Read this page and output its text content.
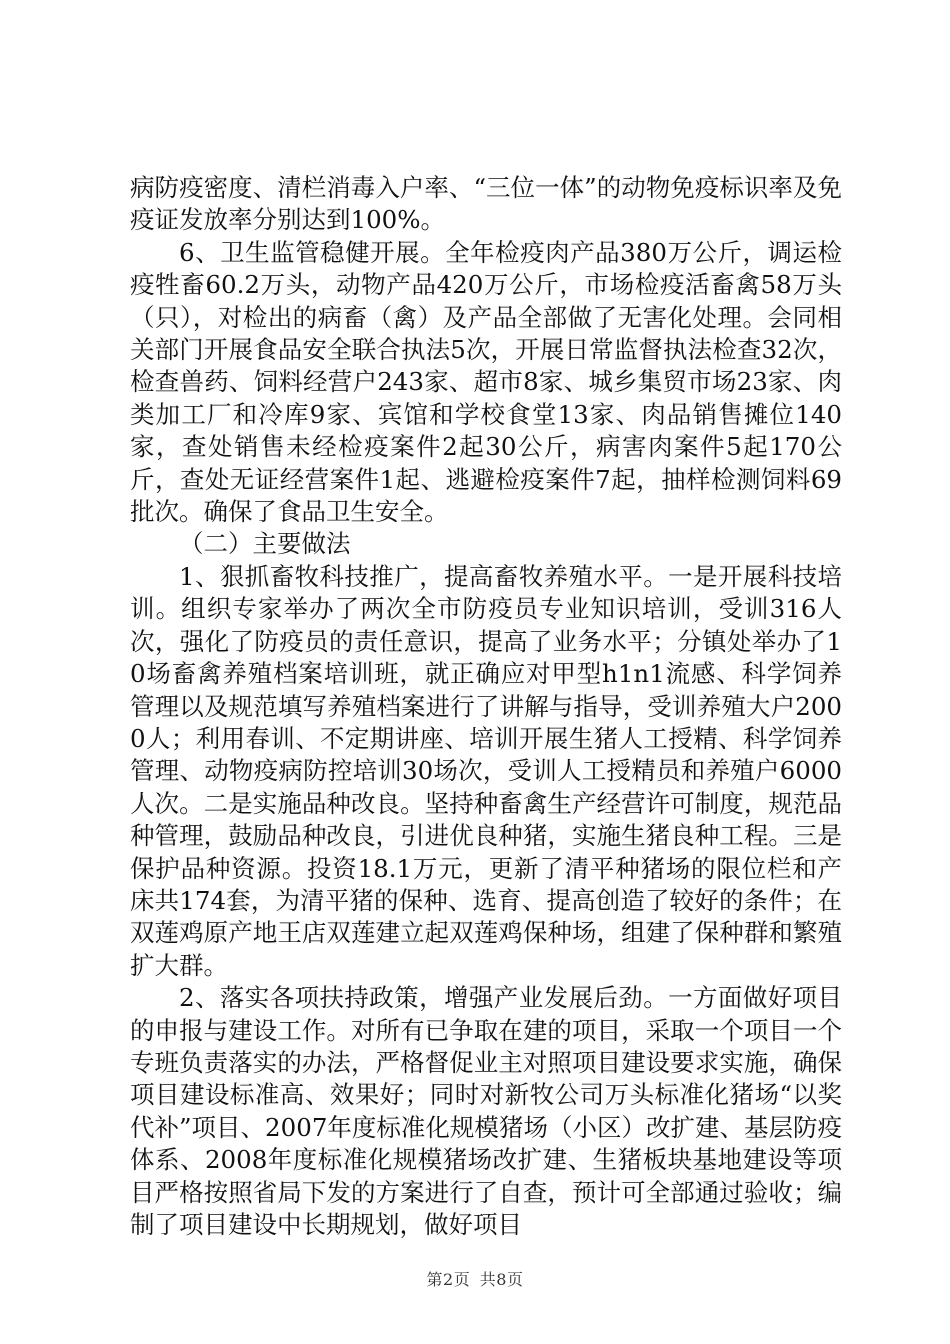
病防疫密度、清栏消毒入户率、“三位一体”的动物免疫标识率及免疫证发放率分别达到100%。

6、卫生监管稳健开展。全年检疫肉产品380万公斤，调运检疫牲畜60.2万头，动物产品420万公斤，市场检疫活畜禽58万头（只），对检出的病畜（禽）及产品全部做了无害化处理。会同相关部门开展食品安全联合执法5次，开展日常监督执法检查32次，检查兽药、饲料经营户243家、超市8家、城乡集贸市场23家、肉类加工厂和冷库9家、宾馆和学校食堂13家、肉品销售摊位140家，查处销售未经检疫案件2起30公斤，病害肉案件5起170公斤，查处无证经营案件1起、逃避检疫案件7起，抽样检测饲料69批次。确保了食品卫生安全。

（二）主要做法

1、狠抓畜牧科技推广，提高畜牧养殖水平。一是开展科技培训。组织专家举办了两次全市防疫员专业知识培训，受训316人次，强化了防疫员的责任意识，提高了业务水平；分镇处举办了10场畜禽养殖档案培训班，就正确应对甲型h1n1流感、科学饲养管理以及规范填写养殖档案进行了讲解与指导，受训养殖大户2000人；利用春训、不定期讲座、培训开展生猪人工授精、科学饲养管理、动物疫病防控培训30场次，受训人工授精员和养殖户6000人次。二是实施品种改良。坚持种畜禽生产经营许可制度，规范品种管理，鼓励品种改良，引进优良种猪，实施生猪良种工程。三是保护品种资源。投资18.1万元，更新了清平种猪场的限位栏和产床共174套，为清平猪的保种、选育、提高创造了较好的条件；在双莲鸡原产地王店双莲建立起双莲鸡保种场，组建了保种群和繁殖扩大群。

2、落实各项扶持政策，增强产业发展后劲。一方面做好项目的申报与建设工作。对所有已争取在建的项目，采取一个项目一个专班负责落实的办法，严格督促业主对照项目建设要求实施，确保项目建设标准高、效果好；同时对新牧公司万头标准化猪场“以奖代补”项目、2007年度标准化规模猪场（小区）改扩建、基层防疫体系、2008年度标准化规模猪场改扩建、生猪板块基地建设等项目严格按照省局下发的方案进行了自查，预计可全部通过验收；编制了项目建设中长期规划，做好项目

第2页 共8页
